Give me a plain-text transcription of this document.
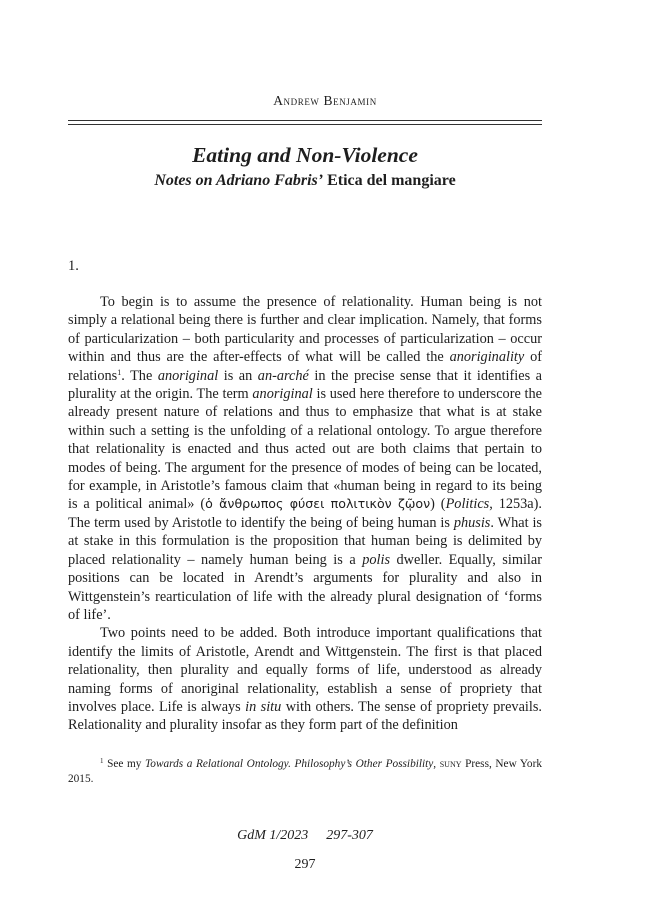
Andrew Benjamin
Eating and Non-Violence
Notes on Adriano Fabris’ Etica del mangiare
1.

To begin is to assume the presence of relationality. Human being is not simply a relational being there is further and clear implication. Namely, that forms of particularization – both particularity and processes of particularization – occur within and thus are the after-effects of what will be called the anoriginality of relations$^1$. The anoriginal is an an-arché in the precise sense that it identifies a plurality at the origin. The term anoriginal is used here therefore to underscore the already present nature of relations and thus to emphasize that what is at stake within such a setting is the unfolding of a relational ontology. To argue therefore that relationality is enacted and thus acted out are both claims that pertain to modes of being. The argument for the presence of modes of being can be located, for example, in Aristotle’s famous claim that «human being in regard to its being is a political animal» (ὁ ἄνθρωπος φύσει πολιτικὸν ζῷον) (Politics, 1253a). The term used by Aristotle to identify the being of being human is phusis. What is at stake in this formulation is the proposition that human being is delimited by placed relationality – namely human being is a polis dweller. Equally, similar positions can be located in Arendt’s arguments for plurality and also in Wittgenstein’s rearticulation of life with the already plural designation of ‘forms of life’.

Two points need to be added. Both introduce important qualifications that identify the limits of Aristotle, Arendt and Wittgenstein. The first is that placed relationality, then plurality and equally forms of life, understood as already naming forms of anoriginal relationality, establish a sense of propriety that involves place. Life is always in situ with others. The sense of propriety prevails. Relationality and plurality insofar as they form part of the definition

$^1$ See my Towards a Relational Ontology. Philosophy’s Other Possibility, suny Press, New York 2015.
GdM 1/2023 297-307
297
